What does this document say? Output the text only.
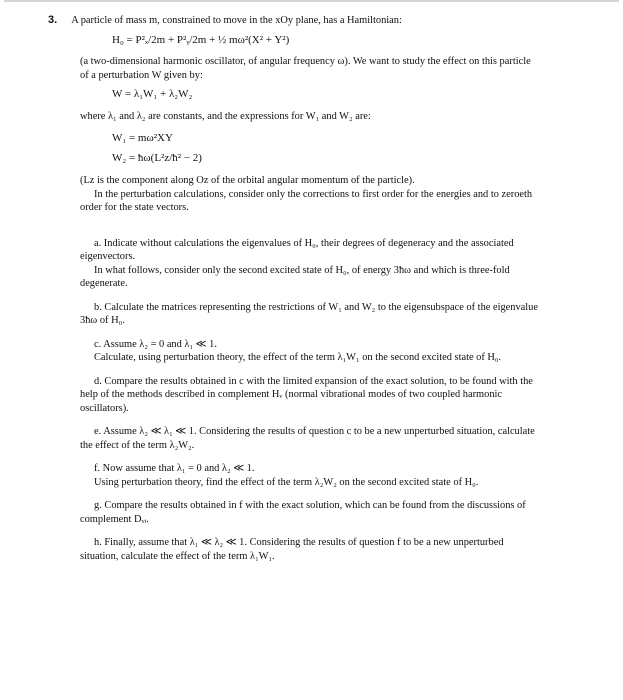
3. A particle of mass m, constrained to move in the xOy plane, has a Hamiltonian:

H₀ = P²ₓ/2m + P²ᵧ/2m + ½ mω²(X² + Y²)

(a two-dimensional harmonic oscillator, of angular frequency ω). We want to study the effect on this particle of a perturbation W given by:

W = λ₁W₁ + λ₂W₂

where λ₁ and λ₂ are constants, and the expressions for W₁ and W₂ are:

W₁ = mω²XY

W₂ = ħω(L²z/ħ² − 2)

(Lz is the component along Oz of the orbital angular momentum of the particle).

In the perturbation calculations, consider only the corrections to first order for the energies and to zeroeth order for the state vectors.

a. Indicate without calculations the eigenvalues of H₀, their degrees of degeneracy and the associated eigenvectors.

In what follows, consider only the second excited state of H₀, of energy 3ħω and which is three-fold degenerate.

b. Calculate the matrices representing the restrictions of W₁ and W₂ to the eigensubspace of the eigenvalue 3ħω of H₀.

c. Assume λ₂ = 0 and λ₁ ≪ 1.

Calculate, using perturbation theory, the effect of the term λ₁W₁ on the second excited state of H₀.

d. Compare the results obtained in c with the limited expansion of the exact solution, to be found with the help of the methods described in complement Hᵥ (normal vibrational modes of two coupled harmonic oscillators).

e. Assume λ₂ ≪ λ₁ ≪ 1. Considering the results of question c to be a new unperturbed situation, calculate the effect of the term λ₂W₂.

f. Now assume that λ₁ = 0 and λ₂ ≪ 1.

Using perturbation theory, find the effect of the term λ₂W₂ on the second excited state of H₀.

g. Compare the results obtained in f with the exact solution, which can be found from the discussions of complement Dᵥᵢ.

h. Finally, assume that λ₁ ≪ λ₂ ≪ 1. Considering the results of question f to be a new unperturbed situation, calculate the effect of the term λ₁W₁.
